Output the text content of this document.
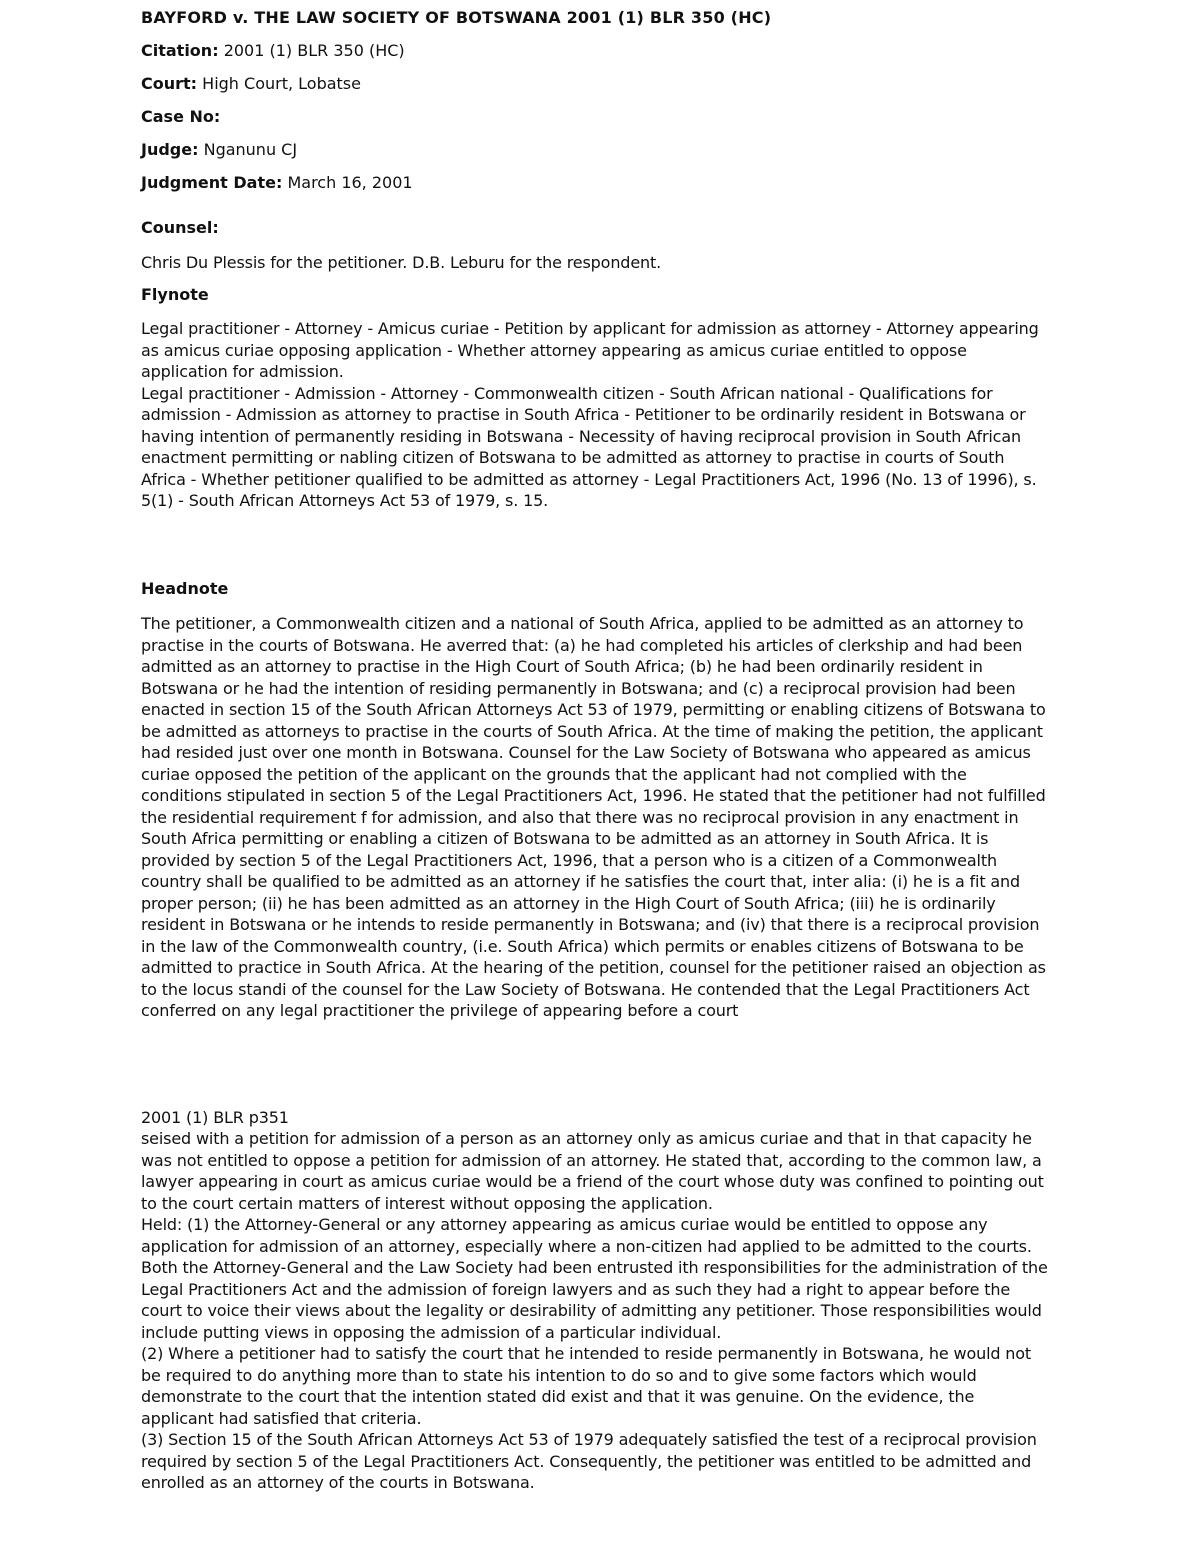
BAYFORD v. THE LAW SOCIETY OF BOTSWANA 2001 (1) BLR 350 (HC)
Citation: 2001 (1) BLR 350 (HC)
Court: High Court, Lobatse
Case No:
Judge: Nganunu CJ
Judgment Date: March 16, 2001
Counsel:
Chris Du Plessis for the petitioner. D.B. Leburu for the respondent.
Flynote

Legal practitioner - Attorney - Amicus curiae - Petition by applicant for admission as attorney - Attorney appearing as amicus curiae opposing application - Whether attorney appearing as amicus curiae entitled to oppose application for admission.

Legal practitioner - Admission - Attorney - Commonwealth citizen - South African national - Qualifications for admission - Admission as attorney to practise in South Africa - Petitioner to be ordinarily resident in Botswana or having intention of permanently residing in Botswana - Necessity of having reciprocal provision in South African enactment permitting or nabling citizen of Botswana to be admitted as attorney to practise in courts of South Africa - Whether petitioner qualified to be admitted as attorney - Legal Practitioners Act, 1996 (No. 13 of 1996), s. 5(1) - South African Attorneys Act 53 of 1979, s. 15.

Headnote
The petitioner, a Commonwealth citizen and a national of South Africa, applied to be admitted as an attorney to practise in the courts of Botswana. He averred that: (a) he had completed his articles of clerkship and had been admitted as an attorney to practise in the High Court of South Africa; (b) he had been ordinarily resident in Botswana or he had the intention of residing permanently in Botswana; and (c) a reciprocal provision had been enacted in section 15 of the South African Attorneys Act 53 of 1979, permitting or enabling citizens of Botswana to be admitted as attorneys to practise in the courts of South Africa. At the time of making the petition, the applicant had resided just over one month in Botswana. Counsel for the Law Society of Botswana who appeared as amicus curiae opposed the petition of the applicant on the grounds that the applicant had not complied with the conditions stipulated in section 5 of the Legal Practitioners Act, 1996. He stated that the petitioner had not fulfilled the residential requirement f for admission, and also that there was no reciprocal provision in any enactment in South Africa permitting or enabling a citizen of Botswana to be admitted as an attorney in South Africa. It is provided by section 5 of the Legal Practitioners Act, 1996, that a person who is a citizen of a Commonwealth country shall be qualified to be admitted as an attorney if he satisfies the court that, inter alia: (i) he is a fit and proper person; (ii) he has been admitted as an attorney in the High Court of South Africa; (iii) he is ordinarily resident in Botswana or he intends to reside permanently in Botswana; and (iv) that there is a reciprocal provision in the law of the Commonwealth country, (i.e. South Africa) which permits or enables citizens of Botswana to be admitted to practice in South Africa. At the hearing of the petition, counsel for the petitioner raised an objection as to the locus standi of the counsel for the Law Society of Botswana. He contended that the Legal Practitioners Act conferred on any legal practitioner the privilege of appearing before a court
2001 (1) BLR p351

seised with a petition for admission of a person as an attorney only as amicus curiae and that in that capacity he was not entitled to oppose a petition for admission of an attorney. He stated that, according to the common law, a lawyer appearing in court as amicus curiae would be a friend of the court whose duty was confined to pointing out to the court certain matters of interest without opposing the application.

Held: (1) the Attorney-General or any attorney appearing as amicus curiae would be entitled to oppose any application for admission of an attorney, especially where a non-citizen had applied to be admitted to the courts. Both the Attorney-General and the Law Society had been entrusted ith responsibilities for the administration of the Legal Practitioners Act and the admission of foreign lawyers and as such they had a right to appear before the court to voice their views about the legality or desirability of admitting any petitioner. Those responsibilities would include putting views in opposing the admission of a particular individual.

(2) Where a petitioner had to satisfy the court that he intended to reside permanently in Botswana, he would not be required to do anything more than to state his intention to do so and to give some factors which would demonstrate to the court that the intention stated did exist and that it was genuine. On the evidence, the applicant had satisfied that criteria.

(3) Section 15 of the South African Attorneys Act 53 of 1979 adequately satisfied the test of a reciprocal provision required by section 5 of the Legal Practitioners Act. Consequently, the petitioner was entitled to be admitted and enrolled as an attorney of the courts in Botswana.
